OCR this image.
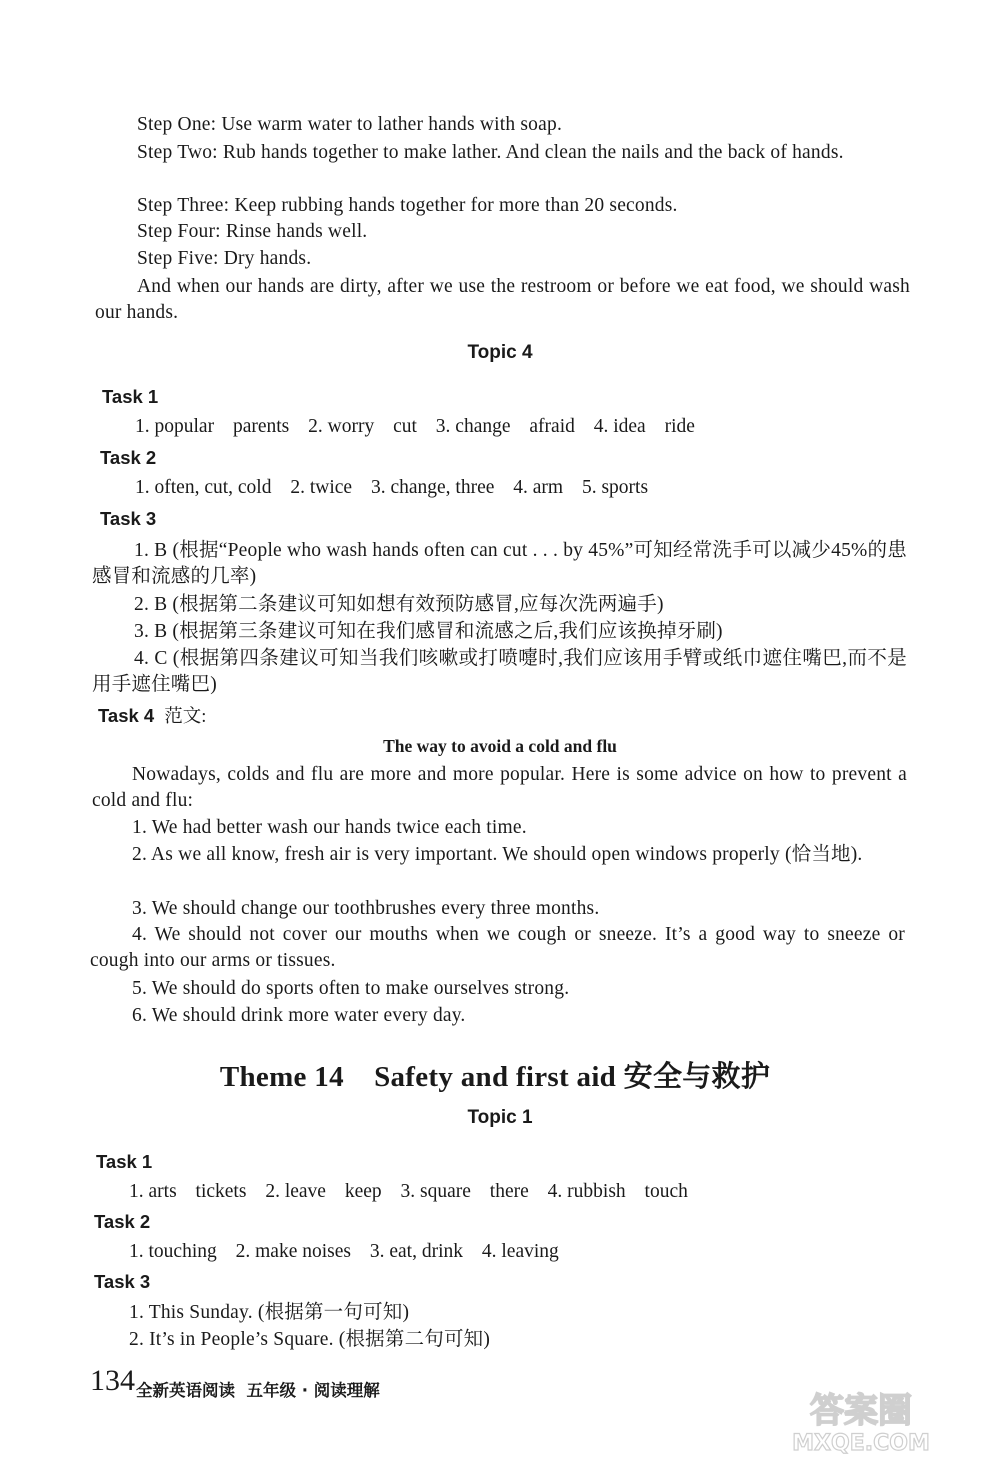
Step One: Use warm water to lather hands with soap.
Step Two: Rub hands together to make lather. And clean the nails and the back of hands.
Step Three: Keep rubbing hands together for more than 20 seconds.
Step Four: Rinse hands well.
Step Five: Dry hands.
And when our hands are dirty, after we use the restroom or before we eat food, we should wash our hands.
Topic 4
Task 1
1. popular parents 2. worry cut 3. change afraid 4. idea ride
Task 2
1. often, cut, cold 2. twice 3. change, three 4. arm 5. sports
Task 3
1. B (根据“People who wash hands often can cut . . . by 45%”可知经常洗手可以减少45%的患感冒和流感的几率)
2. B (根据第二条建议可知如想有效预防感冒,应每次洗两遍手)
3. B (根据第三条建议可知在我们感冒和流感之后,我们应该换掉牙刷)
4. C (根据第四条建议可知当我们咳嗽或打喷嚏时,我们应该用手臂或纸巾遮住嘴巴,而不是用手遮住嘴巴)
Task 4 范文:
The way to avoid a cold and flu
Nowadays, colds and flu are more and more popular. Here is some advice on how to prevent a cold and flu:
1. We had better wash our hands twice each time.
2. As we all know, fresh air is very important. We should open windows properly (恰当地).
3. We should change our toothbrushes every three months.
4. We should not cover our mouths when we cough or sneeze. It’s a good way to sneeze or cough into our arms or tissues.
5. We should do sports often to make ourselves strong.
6. We should drink more water every day.
Theme 14    Safety and first aid 安全与救护
Topic 1
Task 1
1. arts tickets 2. leave keep 3. square there 4. rubbish touch
Task 2
1. touching 2. make noises 3. eat, drink 4. leaving
Task 3
1. This Sunday. (根据第一句可知)
2. It’s in People’s Square. (根据第二句可知)
134 全新英语阅读  五年级 · 阅读理解
答案圈
MXQE.COM
